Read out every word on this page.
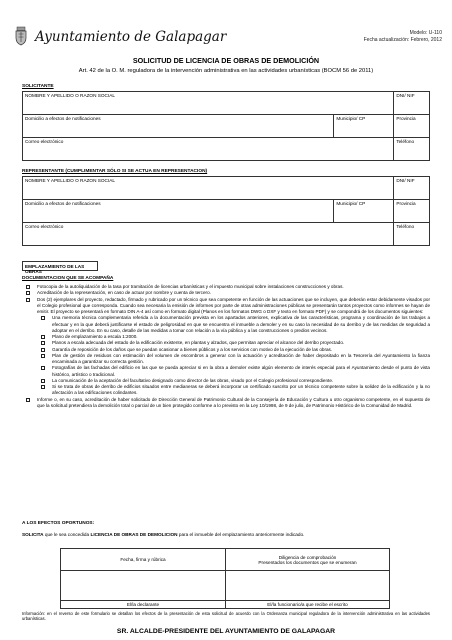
Ayuntamiento de Galapagar	Modelo: U-110
Fecha actualización: Febrero, 2012
SOLICITUD DE LICENCIA DE OBRAS DE DEMOLICIÓN
Art. 42 de la O. M. reguladora de la intervención administrativa en las actividades urbanísticas (BOCM 56 de 2011)
SOLICITANTE
NOMBRE Y APELLIDO O RAZON SOCIAL		DNI/ NIF
Domicilio a efectos de notificaciones	Municipio/ CP	Provincia
Correo electrónico		Teléfono
REPRESENTANTE (CUMPLIMENTAR SÓLO SI SE ACTUA EN REPRESENTACION)
NOMBRE Y APELLIDO O RAZON SOCIAL		DNI/ NIF
Domicilio a efectos de notificaciones	Municipio/ CP	Provincia
Correo electrónico		Teléfono
EMPLAZAMIENTO DE LAS OBRAS
DOCUMENTACION QUE SE ACOMPAÑA
Fotocopia de la autoliquidación de la tasa por tramitación de licencias urbanísticas y el impuesto municipal sobre instalaciones construcciones y obras.
Acreditación de la representación, en caso de actuar por nombre y cuenta de tercero.
Dos (2) ejemplares del proyecto, redactado, firmado y rubricado por un técnico que sea competente en función de las actuaciones que se incluyen, que deberán estar debidamente visados por el Colegio profesional que corresponda. Cuando sea necesaria la emisión de informes por parte de otras administraciones públicas se presentarán tantos proyectos como informes se hayan de emitir. El proyecto se presentará en formato DIN A-4 así como en formato digital (Planos en los formatos DWG o DXF y texto en formato PDF) y se compondrá de los documentos siguientes:
Una memoria técnica complementaria referida a la documentación prevista en los apartados anteriores, explicativa de las características, programa y coordinación de los trabajos a efectuar y en la que deberá justificarse el estado de peligrosidad en que se encuentra el inmueble a demoler y en su caso la necesidad de su derribo y de las medidas de seguridad a adoptar en el derribo. En su caso, detalle de las medidas a tomar con relación a la vía pública y a las construcciones o predios vecinos.
Plano de emplazamiento a escala 1:2000.
Planos a escala adecuada del estado de la edificación existente, en plantas y alzados, que permitan apreciar el alcance del derribo proyectado.
Garantía de reposición de los daños que se puedan ocasionar a bienes públicos y a los servicios con motivo de la ejecución de las obras.
Plan de gestión de residuos con estimación del volumen de escombros a generar con la actuación y acreditación de haber depositado en la Tesorería del Ayuntamiento la fianza encaminada a garantizar su correcta gestión.
Fotografías de las fachadas del edificio en las que se pueda apreciar si en la obra a demoler existe algún elemento de interés especial para el Ayuntamiento desde el punto de vista histórico, artístico o tradicional.
La comunicación de la aceptación del facultativo designado como director de las obras, visado por el Colegio profesional correspondiente.
Si se trata de obras de derribo de edificios situados entre medianeras se deberá incorporar un certificado suscrito por un técnico competente sobre la solidez de la edificación y la no afectación a las edificaciones colindantes.
Informe o, en su caso, acreditación de haber solicitado de Dirección General de Patrimonio Cultural de la Consejería de Educación y Cultura u otro organismo competente, en el supuesto de que la solicitud pretendiera la demolición total o parcial de un bien protegido conforme a lo previsto en la Ley 10/1998, de 9 de julio, de Patrimonio Histórico de la Comunidad de Madrid.
A LOS EFECTOS OPORTUNOS:
SOLICITA que le sea concedida LICENCIA DE OBRAS DE DEMOLICION para el inmueble del emplazamiento anteriormente indicado.
Fecha, firma y rúbrica	Diligencia de comprobación
Presentados los documentos que se enumeran

El/la declarante	El/la funcionario/a que recibe el escrito
Información: en el reverso de este formulario se detallan los efectos de la presentación de esta solicitud de acuerdo con la Ordenanza municipal reguladora de la intervención administrativa en las actividades urbanísticas.
SR. ALCALDE-PRESIDENTE DEL AYUNTAMIENTO DE GALAPAGAR
